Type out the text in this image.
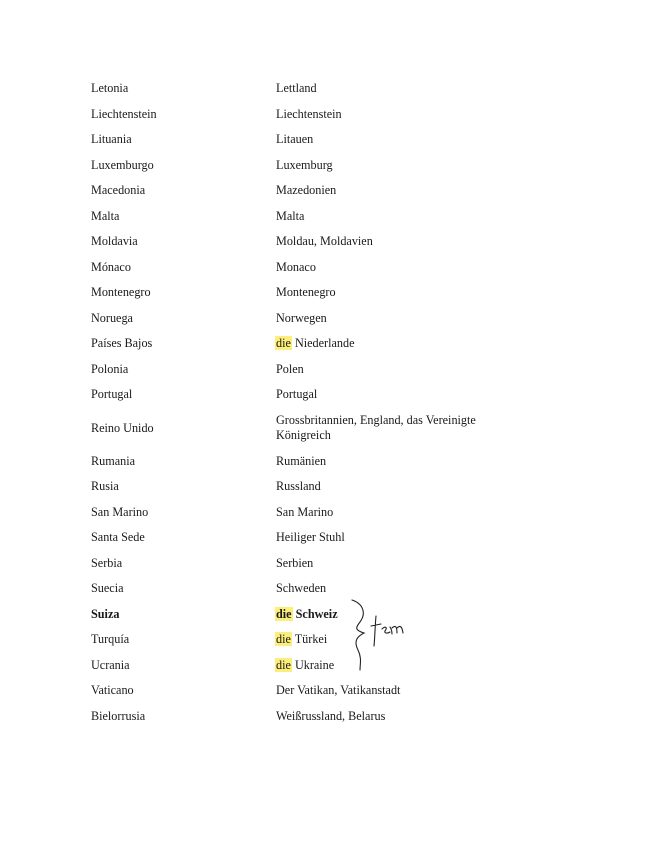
Letonia	Lettland
Liechtenstein	Liechtenstein
Lituania	Litauen
Luxemburgo	Luxemburg
Macedonia	Mazedonien
Malta	Malta
Moldavia	Moldau, Moldavien
Mónaco	Monaco
Montenegro	Montenegro
Noruega	Norwegen
Países Bajos	die Niederlande
Polonia	Polen
Portugal	Portugal
Reino Unido	Grossbritannien, England, das Vereinigte Königreich
Rumania	Rumänien
Rusia	Russland
San Marino	San Marino
Santa Sede	Heiliger Stuhl
Serbia	Serbien
Suecia	Schweden
Suiza	die Schweiz
Turquía	die Türkei
Ucrania	die Ukraine
Vaticano	Der Vatikan, Vatikanstadt
Bielorrusia	Weißrussland, Belarus
